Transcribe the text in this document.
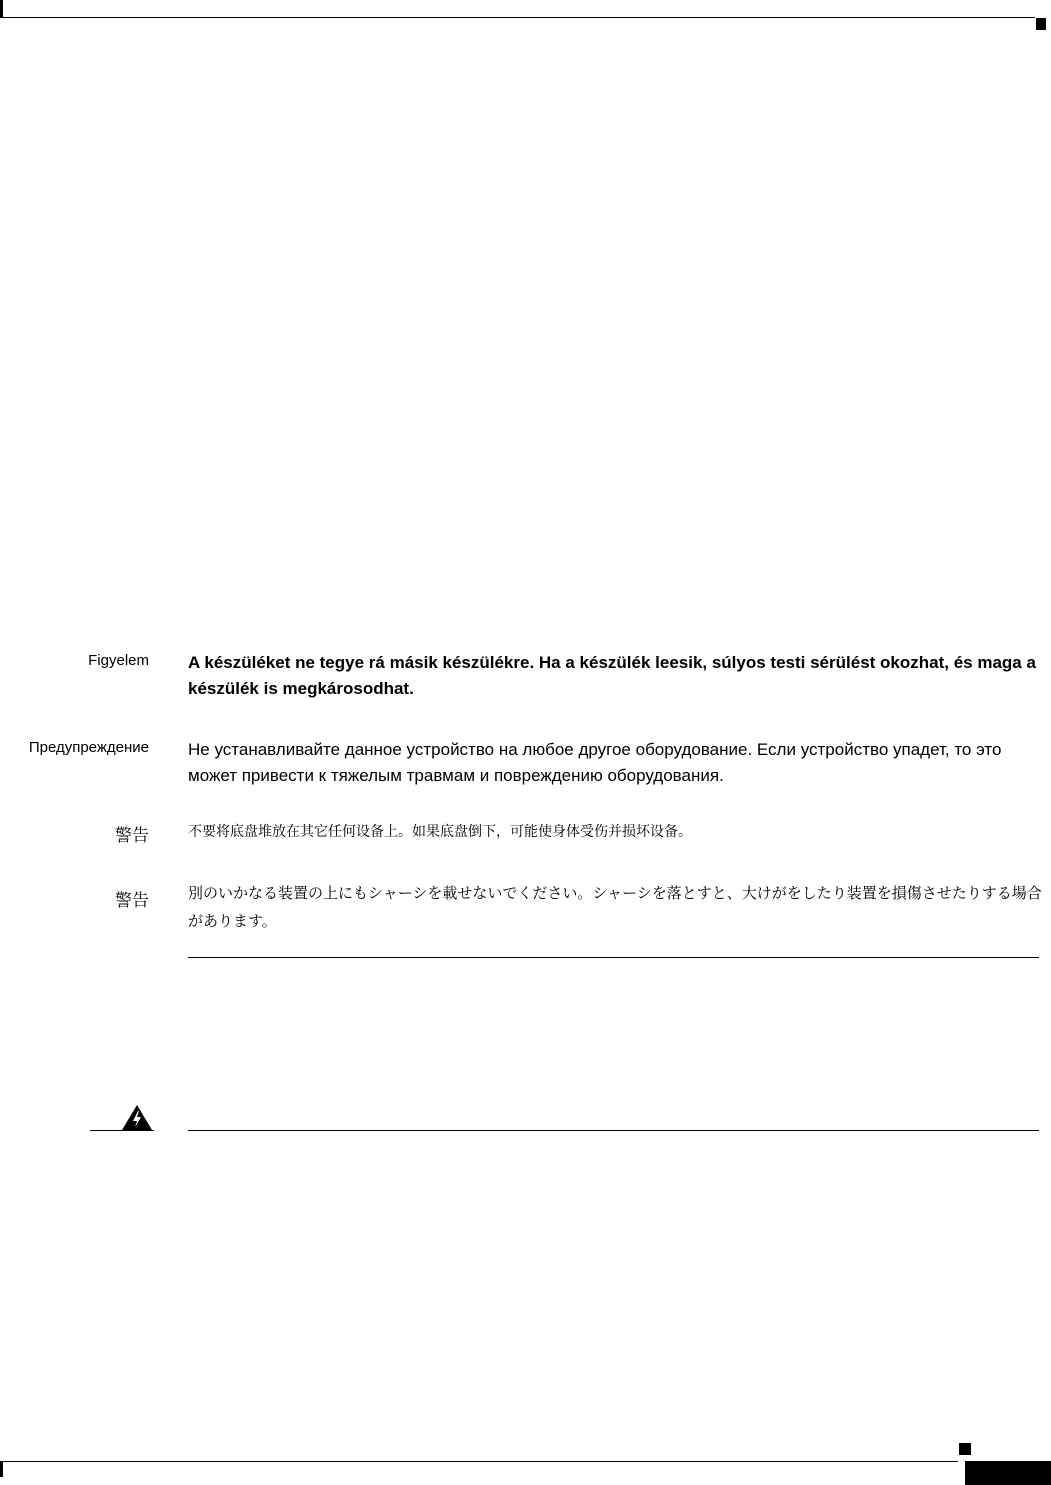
Figyelem A készüléket ne tegye rá másik készülékre. Ha a készülék leesik, súlyos testi sérülést okozhat, és maga a készülék is megkárosodhat.
Предупреждение Не устанавливайте данное устройство на любое другое оборудование. Если устройство упадет, то это может привести к тяжелым травмам и повреждению оборудования.
警告	不要将底盘堆放在其它任何设备上。如果底盘倒下，可能使身体受伤并损坏设备。
警告	別のいかなる装置の上にもシャーシを載せないでください。シャーシを落とすと、大けがをしたり装置を損傷させたりする場合があります。
